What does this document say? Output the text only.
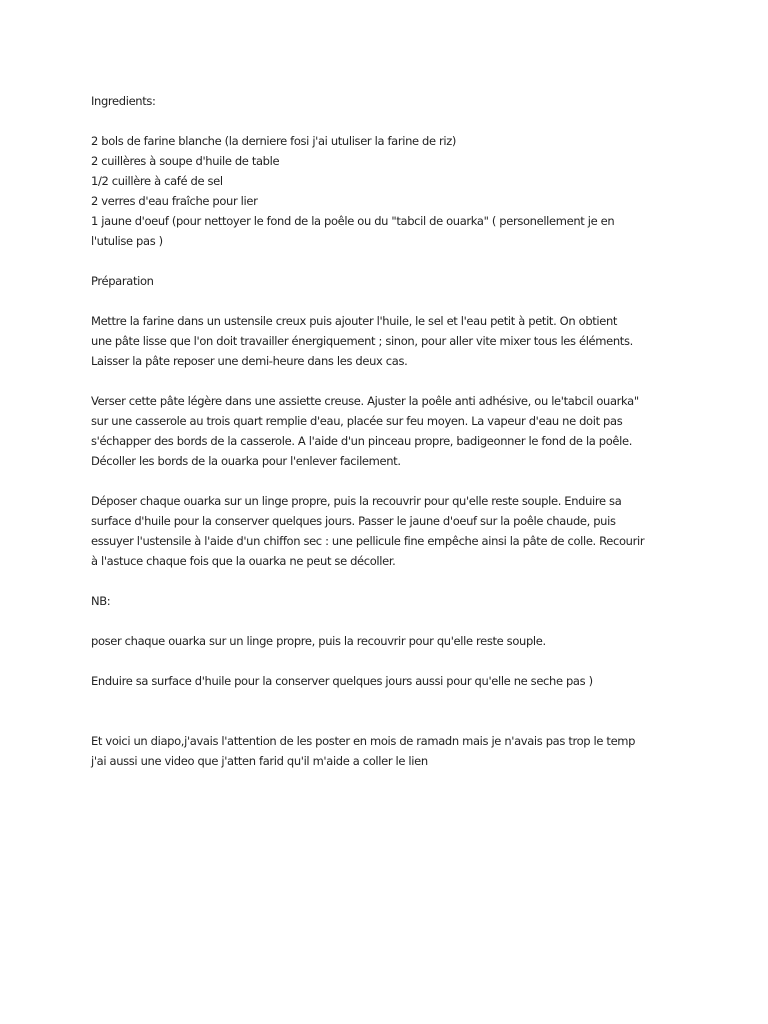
Ingredients:
2 bols de farine blanche (la derniere fosi j'ai utuliser la farine de riz)
2 cuillères à soupe d'huile de table
1/2 cuillère à café de sel
2 verres d'eau fraîche pour lier
1 jaune d'oeuf (pour nettoyer le fond de la poêle ou du "tabcil de ouarka" ( personellement je en
l'utulise pas )
Préparation
Mettre la farine dans un ustensile creux puis ajouter l'huile, le sel et l'eau petit à petit. On obtient
une pâte lisse que l'on doit travailler énergiquement ; sinon, pour aller vite mixer tous les éléments.
Laisser la pâte reposer une demi-heure dans les deux cas.
Verser cette pâte légère dans une assiette creuse. Ajuster la poêle anti adhésive, ou le'tabcil ouarka"
sur une casserole au trois quart remplie d'eau, placée sur feu moyen. La vapeur d'eau ne doit pas
s'échapper des bords de la casserole. A l'aide d'un pinceau propre, badigeonner le fond de la poêle.
Décoller les bords de la ouarka pour l'enlever facilement.
Déposer chaque ouarka sur un linge propre, puis la recouvrir pour qu'elle reste souple. Enduire sa
surface d'huile pour la conserver quelques jours. Passer le jaune d'oeuf sur la poêle chaude, puis
essuyer l'ustensile à l'aide d'un chiffon sec : une pellicule fine empêche ainsi la pâte de colle. Recourir
à l'astuce chaque fois que la ouarka ne peut se décoller.
NB:
poser chaque ouarka sur un linge propre, puis la recouvrir pour qu'elle reste souple.
Enduire sa surface d'huile pour la conserver quelques jours aussi pour qu'elle ne seche pas )
Et voici un diapo,j'avais l'attention de les poster en mois de ramadn mais je n'avais pas trop le temp
j'ai aussi une video que j'atten farid qu'il m'aide a coller le lien
